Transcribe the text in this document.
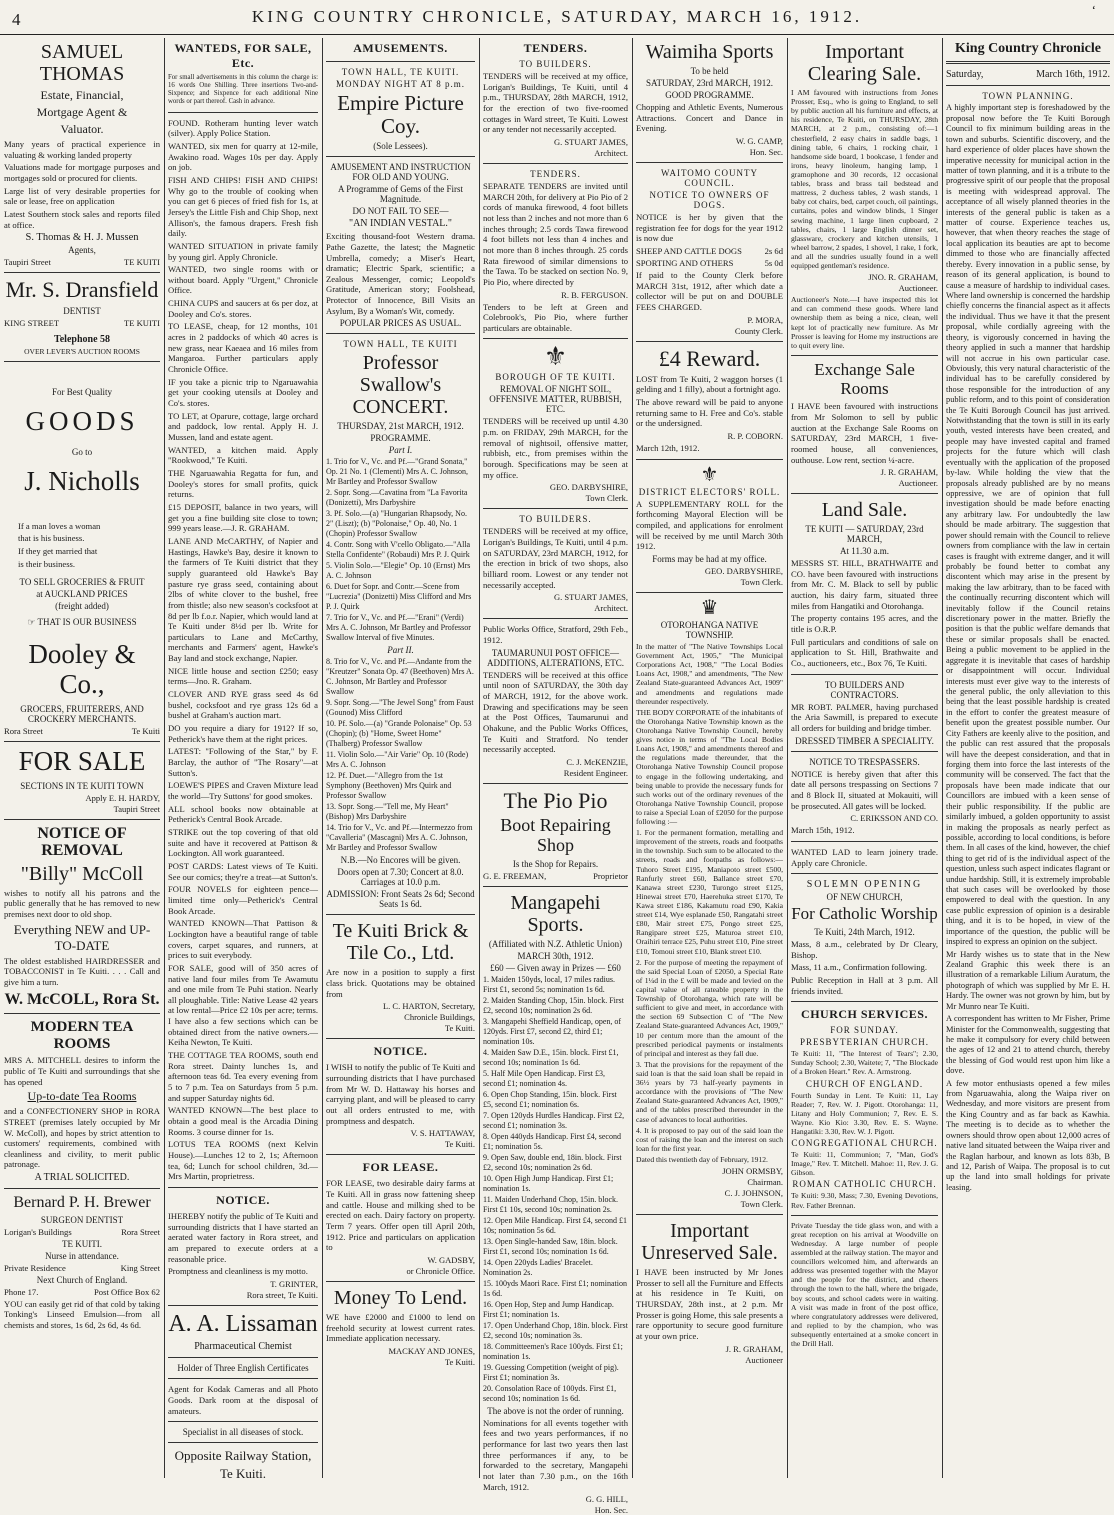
4	KING COUNTRY CHRONICLE, SATURDAY, MARCH 16, 1912.	‘
SAMUEL THOMAS
Estate, Financial,
Mortgage Agent &
Valuator.
Many years of practical experience in valuating & working landed property
Valuations made for mortgage purposes and mortgages sold or procured for clients.
Large list of very desirable properties for sale or lease, free on application
Latest Southern stock sales and reports filed at office.
S. Thomas & H. J. Mussen
Agents,
Taupiri Street	TE KUITI
Mr. S. Dransfield
DENTIST
KING STREET	TE KUITI
Telephone 58
OVER LEVER'S AUCTION ROOMS
For Best Quality
GOODS
Go to
J. Nicholls
If a man loves a woman
that is his business.
If they get married that
is their business.
TO SELL GROCERIES & FRUIT
at AUCKLAND PRICES
(freight added)
☞ THAT IS OUR BUSINESS
Dooley & Co.,
GROCERS, FRUITERERS, AND CROCKERY MERCHANTS.
Rora Street	Te Kuiti
FOR SALE
SECTIONS IN TE KUITI TOWN
Apply E. H. HARDY,
Taupiri Street
NOTICE OF REMOVAL
"Billy" McColl
wishes to notify all his patrons and the public generally that he has removed to new premises next door to old shop.
Everything NEW and UP-TO-DATE
The oldest established HAIRDRESSER and TOBACCONIST in Te Kuiti. . . . Call and give him a turn.
W. McCOLL, Rora St.
MODERN TEA ROOMS
MRS A. MITCHELL desires to inform the public of Te Kuiti and surroundings that she has opened
Up-to-date Tea Rooms
and a CONFECTIONERY SHOP in RORA STREET (premises lately occupied by Mr W. McColl), and hopes by strict attention to customers' requirements, combined with cleanliness and civility, to merit public patronage.
A TRIAL SOLICITED.
Bernard P. H. Brewer
SURGEON DENTIST
Lorigan's Buildings	Rora Street
TE KUITI.
Nurse in attendance.
Private Residence	King Street
Next Church of England.
Phone 17.	Post Office Box 62
YOU can easily get rid of that cold by taking Tonking's Linseed Emulsion—from all chemists and stores, 1s 6d, 2s 6d, 4s 6d.
WANTEDS, FOR SALE, Etc.
For small advertisements in this column the charge is: 16 words One Shilling. Three insertions Two-and-Sixpence; and Sixpence for each additional Nine words or part thereof. Cash in advance.
FOUND. Rotheram hunting lever watch (silver). Apply Police Station.
WANTED, six men for quarry at 12-mile, Awakino road. Wages 10s per day. Apply on job.
FISH AND CHIPS! FISH AND CHIPS! Why go to the trouble of cooking when you can get 6 pieces of fried fish for 1s, at Jersey's the Little Fish and Chip Shop, next Allison's, the famous drapers. Fresh fish daily.
WANTED SITUATION in private family by young girl. Apply Chronicle.
WANTED, two single rooms with or without board. Apply "Urgent," Chronicle Office.
CHINA CUPS and saucers at 6s per doz, at Dooley and Co's. stores.
TO LEASE, cheap, for 12 months, 101 acres in 2 paddocks of which 40 acres is new grass, near Kaeaea and 16 miles from Mangaroa. Further particulars apply Chronicle Office.
IF you take a picnic trip to Ngaruawahia get your cooking utensils at Dooley and Co's. stores.
TO LET, at Oparure, cottage, large orchard and paddock, low rental. Apply H. J. Mussen, land and estate agent.
WANTED, a kitchen maid. Apply "Rookwood," Te Kuiti.
THE Ngaruawahia Regatta for fun, and Dooley's stores for small profits, quick returns.
£15 DEPOSIT, balance in two years, will get you a fine building site close to town; 999 years lease.—J. R. GRAHAM.
LANE AND McCARTHY, of Napier and Hastings, Hawke's Bay, desire it known to the farmers of Te Kuiti district that they supply guaranteed old Hawke's Bay pasture rye grass seed, containing about 2lbs of white clover to the bushel, free from thistle; also new season's cocksfoot at 8d per lb f.o.r. Napier, which would land at Te Kuiti under 8½d per lb. Write for particulars to Lane and McCarthy, merchants and Farmers' agent, Hawke's Bay land and stock exchange, Napier.
NICE little house and section £250; easy terms—Jno. R. Graham.
CLOVER AND RYE grass seed 4s 6d bushel, cocksfoot and rye grass 12s 6d a bushel at Graham's auction mart.
DO you require a diary for 1912? If so, Petherick's have them at the right prices.
LATEST: "Following of the Star," by F. Barclay, the author of "The Rosary"—at Sutton's.
LOEWE'S PIPES and Craven Mixture lead the world—Try Suttons' for good smokes.
ALL school books now obtainable at Petherick's Central Book Arcade.
STRIKE out the top covering of that old suite and have it recovered at Pattison & Lockington. All work guaranteed.
POST CARDS: Latest views of Te Kuiti. See our comics; they're a treat—at Sutton's.
FOUR NOVELS for eighteen pence—limited time only—Petherick's Central Book Arcade.
WANTED KNOWN—That Pattison & Lockington have a beautiful range of table covers, carpet squares, and runners, at prices to suit everybody.
FOR SALE, good will of 350 acres of native land four miles from Te Awamutu and one mile from Te Puhi station. Nearly all ploughable. Title: Native Lease 42 years at low rental—Price £2 10s per acre; terms. I have also a few sections which can be obtained direct from the native owners.—Keiha Newton, Te Kuiti.
THE COTTAGE TEA ROOMS, south end Rora street. Dainty lunches 1s, and afternoon teas 6d. Tea every evening from 5 to 7 p.m. Tea on Saturdays from 5 p.m. and supper Saturday nights 6d.
WANTED KNOWN—The best place to obtain a good meal is the Arcadia Dining Rooms. 3 course dinner for 1s.
LOTUS TEA ROOMS (next Kelvin House).—Lunches 12 to 2, 1s; Afternoon tea, 6d; Lunch for school children, 3d.—Mrs Martin, proprietress.
NOTICE.
IHEREBY notify the public of Te Kuiti and surrounding districts that I have started an aerated water factory in Rora street, and am prepared to execute orders at a reasonable price.
Promptness and cleanliness is my motto.
T. GRINTER,
Rora street, Te Kuiti.
A. A. Lissaman
Pharmaceutical Chemist
Holder of Three English Certificates
Agent for Kodak Cameras and all Photo Goods. Dark room at the disposal of amateurs.
Specialist in all diseases of stock.
Opposite Railway Station,
Te Kuiti.
AMUSEMENTS.
TOWN HALL, TE KUITI.
MONDAY NIGHT AT 8 p.m.
Empire Picture Coy.
(Sole Lessees).
AMUSEMENT AND INSTRUCTION FOR OLD AND YOUNG.
A Programme of Gems of the First Magnitude.
DO NOT FAIL TO SEE—
"AN INDIAN VESTAL."
Exciting thousand-foot Western drama. Pathe Gazette, the latest; the Magnetic Umbrella, comedy; a Miser's Heart, dramatic; Electric Spark, scientific; a Zealous Messenger, comic; Leopold's Gratitude, American story; Foolshead, Protector of Innocence, Bill Visits an Asylum, By a Woman's Wit, comedy.
POPULAR PRICES AS USUAL.
TOWN HALL, TE KUITI
Professor Swallow's CONCERT.
THURSDAY, 21st MARCH, 1912.
PROGRAMME.
Part I.
1. Trio for V., Vc. and Pf.—"Grand Sonata," Op. 21 No. 1 (Clementi) Mrs A. C. Johnson, Mr Bartley and Professor Swallow
2. Sopr. Song.—Cavatina from "La Favorita (Donizetti), Mrs Darbyshire
3. Pf. Solo.—(a) "Hungarian Rhapsody, No. 2" (Liszt); (b) "Polonaise," Op. 40, No. 1 (Chopin) Professor Swallow
4. Contr. Song with V'cello Obligato.—"Alla Stella Confidente" (Robaudi) Mrs P. J. Quirk
5. Violin Solo.—"Elegie" Op. 10 (Ernst) Mrs A. C. Johnson
6. Duet for Sopr. and Contr.—Scene from "Lucrezia" (Donizetti) Miss Clifford and Mrs P. J. Quirk
7. Trio for V., Vc. and Pf.—"Erani" (Verdi) Mrs A. C. Johnson, Mr Bartley and Professor Swallow Interval of five Minutes.
Part II.
8. Trio for V., Vc. and Pf.—Andante from the "Kreutzer" Sonata Op. 47 (Beethoven) Mrs A. C. Johnson, Mr Bartley and Professor Swallow
9. Sopr. Song.—"The Jewel Song" from Faust (Gounod) Miss Clifford
10. Pf. Solo.—(a) "Grande Polonaise" Op. 53 (Chopin); (b) "Home, Sweet Home" (Thalberg) Professor Swallow
11. Violin Solo.—"Air Varie" Op. 10 (Rode) Mrs A. C. Johnson
12. Pf. Duet.—"Allegro from the 1st Symphony (Beethoven) Mrs Quirk and Professor Swallow
13. Sopr. Song.—"Tell me, My Heart" (Bishop) Mrs Darbyshire
14. Trio for V., Vc. and Pf.—Intermezzo from "Cavalleria" (Mascagni) Mrs A. C. Johnson, Mr Bartley and Professor Swallow
N.B.—No Encores will be given.
Doors open at 7.30; Concert at 8.0. Carriages at 10.0 p.m.
ADMISSION: Front Seats 2s 6d; Second Seats 1s 6d.
Te Kuiti Brick & Tile Co., Ltd.
Are now in a position to supply a first class brick. Quotations may be obtained from
L. C. HARTON, Secretary,
Chronicle Buildings,
Te Kuiti.
NOTICE.
I WISH to notify the public of Te Kuiti and surrounding districts that I have purchased from Mr W. D. Hattaway his horses and carrying plant, and will be pleased to carry out all orders entrusted to me, with promptness and despatch.
V. S. HATTAWAY,
Te Kuiti.
FOR LEASE.
FOR LEASE, two desirable dairy farms at Te Kuiti. All in grass now fattening sheep and cattle. House and milking shed to be erected on each. Dairy factory on property. Term 7 years. Offer open till April 20th, 1912. Price and particulars on application to
W. GADSBY,
or Chronicle Office.
Money To Lend.
WE have £2000 and £1000 to lend on freehold security at lowest current rates. Immediate application necessary.
MACKAY AND JONES,
Te Kuiti.
TENDERS.
TO BUILDERS.
TENDERS will be received at my office, Lorigan's Buildings, Te Kuiti, until 4 p.m., THURSDAY, 28th MARCH, 1912, for the erection of two five-roomed cottages in Ward street, Te Kuiti. Lowest or any tender not necessarily accepted.
G. STUART JAMES,
Architect.
TENDERS.
SEPARATE TENDERS are invited until MARCH 20th, for delivery at Pio Pio of 2 cords of manuka firewood, 4 foot billets not less than 2 inches and not more than 6 inches through; 2.5 cords Tawa firewood 4 foot billets not less than 4 inches and not more than 8 inches through. 25 cords Rata firewood of similar dimensions to the Tawa. To be stacked on section No. 9, Pio Pio, where directed by
R. B. FERGUSON.
Tenders to be left at Green and Colebrook's, Pio Pio, where further particulars are obtainable.
⚜
BOROUGH OF TE KUITI.
REMOVAL OF NIGHT SOIL, OFFENSIVE MATTER, RUBBISH, ETC.
TENDERS will be received up until 4.30 p.m. on FRIDAY, 29th MARCH, for the removal of nightsoil, offensive matter, rubbish, etc., from premises within the borough. Specifications may be seen at my office.
GEO. DARBYSHIRE,
Town Clerk.
TO BUILDERS.
TENDERS will be received at my office, Lorigan's Buildings, Te Kuiti, until 4 p.m. on SATURDAY, 23rd MARCH, 1912, for the erection in brick of two shops, also billiard room. Lowest or any tender not necessarily accepted.
G. STUART JAMES,
Architect.
Public Works Office, Stratford, 29th Feb., 1912.
TAUMARUNUI POST OFFICE—ADDITIONS, ALTERATIONS, ETC.
TENDERS will be received at this office until noon of SATURDAY, the 30th day of MARCH, 1912, for the above work. Drawing and specifications may be seen at the Post Offices, Taumarunui and Ohakune, and the Public Works Offices, Te Kuiti and Stratford. No tender necessarily accepted.
C. J. McKENZIE,
Resident Engineer.
The Pio Pio
Boot Repairing Shop
Is the Shop for Repairs.
G. E. FREEMAN,	Proprietor
Mangapehi Sports.
(Affiliated with N.Z. Athletic Union)
MARCH 30th, 1912.
£60 — Given away in Prizes — £60
1. Maiden 150yds, local, 17 miles radius. First £1, second 5s; nomination 1s 6d.
2. Maiden Standing Chop, 15in. block. First £2, second 10s; nomination 2s 6d.
3. Mangapehi Sheffield Handicap, open, of 120yds. First £7, second £2, third £1; nomination 10s.
4. Maiden Saw D.E., 15in. block. First £1, second 10s; nomination 1s 6d.
5. Half Mile Open Handicap. First £3, second £1; nomination 4s.
6. Open Chop Standing, 15in. block. First £5, second £1; nomination 6s.
7. Open 120yds Hurdles Handicap. First £2, second £1; nomination 3s.
8. Open 440yds Handicap. First £4, second £1; nomination 5s.
9. Open Saw, double end, 18in. block. First £2, second 10s; nomination 2s 6d.
10. Open High Jump Handicap. First £1; nomination 1s.
11. Maiden Underhand Chop, 15in. block. First £1 10s, second 10s; nomination 2s.
12. Open Mile Handicap. First £4, second £1 10s; nomination 5s 6d.
13. Open Single-handed Saw, 18in. block. First £1, second 10s; nomination 1s 6d.
14. Open 220yds Ladies' Bracelet. Nomination 2s.
15. 100yds Maori Race. First £1; nomination 1s 6d.
16. Open Hop, Step and Jump Handicap. First £1; nomination 1s.
17. Open Underhand Chop, 18in. block. First £2, second 10s; nomination 3s.
18. Committeemen's Race 100yds. First £1; nomination 1s.
19. Guessing Competition (weight of pig). First £1; nomination 3s.
20. Consolation Race of 100yds. First £1, second 10s; nomination 1s 6d.
The above is not the order of running.
Nominations for all events together with fees and two years performances, if no performance for last two years then last three performances if any, to be forwarded to the secretary, Mangapehi not later than 7.30 p.m., on the 16th March, 1912.
G. G. HILL,
Hon. Sec.
Waimiha Sports
To be held
SATURDAY, 23rd MARCH, 1912.
GOOD PROGRAMME.
Chopping and Athletic Events, Numerous Attractions. Concert and Dance in Evening.
W. G. CAMP,
Hon. Sec.
WAITOMO COUNTY COUNCIL.
NOTICE TO OWNERS OF DOGS.
NOTICE is her by given that the registration fee for dogs for the year 1912 is now due
SHEEP AND CATTLE DOGS	2s 6d
SPORTING AND OTHERS	5s 0d
If paid to the County Clerk before MARCH 31st, 1912, after which date a collector will be put on and DOUBLE FEES CHARGED.
P. MORA,
County Clerk.
£4 Reward.
LOST from Te Kuiti, 2 waggon horses (1 gelding and 1 filly), about a fortnight ago.
The above reward will be paid to anyone returning same to H. Free and Co's. stable or the undersigned.
R. P. COBORN.
March 12th, 1912.
⚜
DISTRICT ELECTORS' ROLL.
A SUPPLEMENTARY ROLL for the forthcoming Mayoral Election will be compiled, and applications for enrolment will be received by me until March 30th 1912.
Forms may be had at my office.
GEO. DARBYSHIRE,
Town Clerk.
♛
OTOROHANGA NATIVE TOWNSHIP.
In the matter of "The Native Townships Local Government Act, 1905," "The Municipal Corporations Act, 1908," "The Local Bodies Loans Act, 1908," and amendments, "The New Zealand State-guaranteed Advances Act, 1909" and amendments and regulations made thereunder respectively.
THE BODY CORPORATE of the inhabitants of the Otorohanga Native Township known as the Otorohanga Native Township Council, hereby gives notice in terms of "The Local Bodies Loans Act, 1908," and amendments thereof and the regulations made thereunder, that the Otorohanga Native Township Council propose to engage in the following undertaking, and being unable to provide the necessary funds for such works out of the ordinary revenues of the Otorohanga Native Township Council, propose to raise a Special Loan of £2050 for the purpose following :—
1. For the permanent formation, metalling and improvement of the streets, roads and footpaths in the township. Such sum to be allocated to the streets, roads and footpaths as follows:—Tuhoro Street £195, Maniapoto street £500, Ranfurly street £60, Ballance street £70, Kanawa street £230, Turongo street £125, Hinewai street £70, Haerehuka street £170, Te Kawa street £186, Kakamutu road £90, Kakia street £14, Wye esplanade £50, Rangatahi street £80, Mair street £75, Pongo street £25, Rangipare street £25, Maturoa street £10, Oraihiri terrace £25, Puhu street £10, Pine street £10, Tomoui street £10, Blank street £10.
2. For the purpose of meeting the repayment of the said Special Loan of £2050, a Special Rate of 1¼d in the £ will be made and levied on the capital value of all rateable property in the Township of Otorohanga, which rate will be sufficient to give and meet, in accordance with the section 69 Subsection C of "The New Zealand State-guaranteed Advances Act, 1909," 10 per centum more than the amount of the prescribed periodical payments or instalments of principal and interest as they fall due.
3. That the provisions for the repayment of the said loan is that the said loan shall be repaid in 36½ years by 73 half-yearly payments in accordance with the provisions of "The New Zealand State-guaranteed Advances Act, 1909," and of the tables prescribed thereunder in the case of advances to local authorities.
4. It is proposed to pay out of the said loan the cost of raising the loan and the interest on such loan for the first year.
Dated this twentieth day of February, 1912.
JOHN ORMSBY,
Chairman.
C. J. JOHNSON,
Town Clerk.
Important Unreserved Sale.
I HAVE been instructed by Mr Jones Prosser to sell all the Furniture and Effects at his residence in Te Kuiti, on THURSDAY, 28th inst., at 2 p.m. Mr Prosser is going Home, this sale presents a rare opportunity to secure good furniture at your own price.
J. R. GRAHAM,
Auctioneer
Important Clearing Sale.
I AM favoured with instructions from Jones Prosser, Esq., who is going to England, to sell by public auction all his furniture and effects, at his residence, Te Kuiti, on THURSDAY, 28th MARCH, at 2 p.m., consisting of:—1 chesterfield, 2 easy chairs in saddle bags, 1 dining table, 6 chairs, 1 rocking chair, 1 handsome side board, 1 bookcase, 1 fender and irons, heavy linoleum, hanging lamp, 1 gramophone and 30 records, 12 occasional tables, brass and brass tail bedstead and mattress, 2 duchess tables, 2 wash stands, 1 baby cot chairs, bed, carpet couch, oil paintings, curtains, poles and window blinds, 1 Singer sewing machine, 1 large linen cupboard, 2 tables, chairs, 1 large English dinner set, glassware, crockery and kitchen utensils, 1 wheel barrow, 2 spades, 1 shovel, 1 rake, 1 fork, and all the sundries usually found in a well equipped gentleman's residence.
JNO. R. GRAHAM,
Auctioneer.
Auctioneer's Note.—I have inspected this lot and can commend these goods. Where land ownership them as being a nice, clean, well kept lot of practically new furniture. As Mr Prosser is leaving for Home my instructions are to quit every line.
Exchange Sale Rooms
I HAVE been favoured with instructions from Mr Solomon to sell by public auction at the Exchange Sale Rooms on SATURDAY, 23rd MARCH, 1 five-roomed house, all conveniences, outhouse. Low rent, section ¼-acre.
J. R. GRAHAM,
Auctioneer.
Land Sale.
TE KUITI — SATURDAY, 23rd MARCH,
At 11.30 a.m.
MESSRS ST. HILL, BRATHWAITE and CO. have been favoured with instructions from Mr. C. M. Black to sell by public auction, his dairy farm, situated three miles from Hangatiki and Otorohanga.
The property contains 195 acres, and the title is O.R.P.
Full particulars and conditions of sale on application to St. Hill, Brathwaite and Co., auctioneers, etc., Box 76, Te Kuiti.
TO BUILDERS AND CONTRACTORS.
MR ROBT. PALMER, having purchased the Aria Sawmill, is prepared to execute all orders for building and bridge timber.
DRESSED TIMBER A SPECIALITY.
NOTICE TO TRESPASSERS.
NOTICE is hereby given that after this date all persons trespassing on Sections 7 and 8 Block II, situated at Mokauiti, will be prosecuted. All gates will be locked.
C. ERIKSSON AND CO.
March 15th, 1912.
WANTED LAD to learn joinery trade. Apply care Chronicle.
SOLEMN OPENING
OF NEW CHURCH,
For Catholic Worship
Te Kuiti, 24th March, 1912.
Mass, 8 a.m., celebrated by Dr Cleary, Bishop.
Mass, 11 a.m., Confirmation following.
Public Reception in Hall at 3 p.m. All friends invited.
CHURCH SERVICES.
FOR SUNDAY.
PRESBYTERIAN CHURCH.
Te Kuiti: 11, "The Interest of Tears"; 2.30, Sunday School; 2.30, Waitete; 7, "The Blockade of a Broken Heart." Rev. A. Armstrong.
CHURCH OF ENGLAND.
Fourth Sunday in Lent. Te Kuiti: 11, Lay Reader; 7, Rev. W. J. Pigott. Otorohanga: 11, Litany and Holy Communion; 7, Rev. E. S. Wayne. Kio Kio: 3.30, Rev. E. S. Wayne. Hangatiki: 3.30, Rev. W. J. Pigott.
CONGREGATIONAL CHURCH.
Te Kuiti: 11, Communion; 7, "Man, God's Image," Rev. T. Mitchell. Mahoe: 11, Rev. J. G. Gibson.
ROMAN CATHOLIC CHURCH.
Te Kuiti: 9.30, Mass; 7.30, Evening Devotions, Rev. Father Brennan.
Private Tuesday the tide glass won, and with a great reception on his arrival at Woodville on Wednesday. A large number of people assembled at the railway station. The mayor and councillors welcomed him, and afterwards an address was presented together with the Mayor and the people for the district, and cheers through the town to the hall, where the brigade, boy scouts, and school cadets were in waiting. A visit was made in front of the post office, where congratulatory addresses were delivered, and replied to by the champion, who was subsequently entertained at a smoke concert in the Drill Hall.
King Country Chronicle
Saturday,	March 16th, 1912.
TOWN PLANNING.
A highly important step is foreshadowed by the proposal now before the Te Kuiti Borough Council to fix minimum building areas in the town and suburbs. Scientific discovery, and the hard experience of older places have shown the imperative necessity for municipal action in the matter of town planning, and it is a tribute to the progressive spirit of our people that the proposal is meeting with widespread approval. The acceptance of all wisely planned theories in the interests of the general public is taken as a matter of course. Experience teaches us, however, that when theory reaches the stage of local application its beauties are apt to become dimmed to those who are financially affected thereby. Every innovation in a public sense, by reason of its general application, is bound to cause a measure of hardship to individual cases. Where land ownership is concerned the hardship chiefly concerns the financial aspect as it affects the individual. Thus we have it that the present proposal, while cordially agreeing with the theory, is vigorously concerned in having the theory applied in such a manner that hardship will not accrue in his own particular case. Obviously, this very natural characteristic of the individual has to be carefully considered by those responsible for the introduction of any public reform, and to this point of consideration the Te Kuiti Borough Council has just arrived. Notwithstanding that the town is still in its early youth, vested interests have been created, and people may have invested capital and framed projects for the future which will clash eventually with the application of the proposed by-law. While holding the view that the proposals already published are by no means oppressive, we are of opinion that full investigation should be made before enacting any arbitrary law. For undoubtedly the law should be made arbitrary. The suggestion that power should remain with the Council to relieve owners from compliance with the law in certain cases is fraught with extreme danger, and it will probably be found better to combat any discontent which may arise in the present by making the law arbitrary, than to be faced with the continually recurring discontent which will inevitably follow if the Council retains discretionary power in the matter. Briefly the position is that the public welfare demands that these or similar proposals shall be enacted. Being a public movement to be applied in the aggregate it is inevitable that cases of hardship or disappointment will occur. Individual interests must ever give way to the interests of the general public, the only alleviation to this being that the least possible hardship is created in the effort to confer the greatest measure of benefit upon the greatest possible number. Our City Fathers are keenly alive to the position, and the public can rest assured that the proposals will have the deepest consideration, and that in forging them into force the last interests of the community will be conserved. The fact that the proposals have been made indicate that our Councillors are imbued with a keen sense of their public responsibility. If the public are similarly imbued, a golden opportunity to assist in making the proposals as nearly perfect as possible, according to local conditions, is before them. In all cases of the kind, however, the chief thing to get rid of is the individual aspect of the question, unless such aspect indicates flagrant or undue hardship. Still, it is extremely improbable that such cases will be overlooked by those empowered to deal with the question. In any case public expression of opinion is a desirable thing, and it is to be hoped, in view of the importance of the question, the public will be inspired to express an opinion on the subject.
Mr Hardy wishes us to state that in the New Zealand Graphic this week there is an illustration of a remarkable Lilium Auratum, the photograph of which was supplied by Mr E. H. Hardy. The owner was not grown by him, but by Mr Munro near Te Kuiti.
A correspondent has written to Mr Fisher, Prime Minister for the Commonwealth, suggesting that he make it compulsory for every child between the ages of 12 and 21 to attend church, thereby the blessing of God would rest upon him like a dove.
A few motor enthusiasts opened a few miles from Ngaruawahia, along the Waipa river on Wednesday, and more visitors are present from the King Country and as far back as Kawhia. The meeting is to decide as to whether the owners should throw open about 12,000 acres of native land situated between the Waipa river and the Raglan harbour, and known as lots 83b, B and 12, Parish of Waipa. The proposal is to cut up the land into small holdings for private leasing.
